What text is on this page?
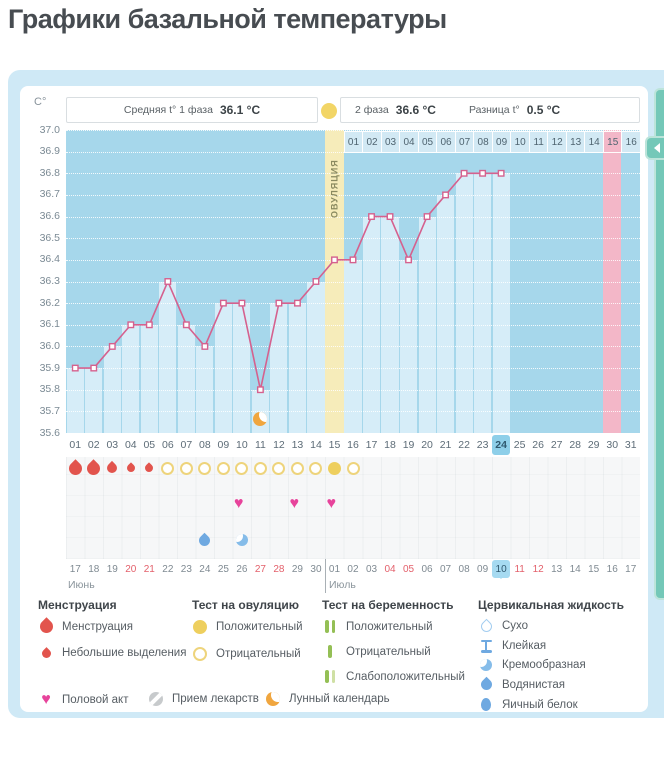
Графики базальной температуры
C°
Средняя t° 1 фаза 36.1 °C	2 фаза 36.6 °C	Разница t° 0.5 °C
01 02 03 04 05 06 07 08 09 10 11 12 13 14 15 16
ОВУЛЯЦИЯ
01 02 03 04 05 06 07 08 09 10 11 12 13 14 15 16 17 18 19 20 21 22 23 24 25 26 27 28 29 30 31
♥
♥
♥
17 18 19 20 21 22 23 24 25 26 27 28 29 30 01 02 03 04 05 06 07 08 09 10 11 12 13 14 15 16 17
Июнь	Июль
Менструация
Менструация
Небольшие выделения
Тест на овуляцию
Положительный
Отрицательный
Тест на беременность
Положительный
Отрицательный
Слабоположительный
Цервикальная жидкость
Сухо
Клейкая
Кремообразная
Водянистая
Яичный белок
♥
Половой акт	Прием лекарств	Лунный календарь
37.0
36.9
36.8
36.7
36.6
36.5
36.4
36.3
36.2
36.1
36.0
35.9
35.8
35.7
35.6
